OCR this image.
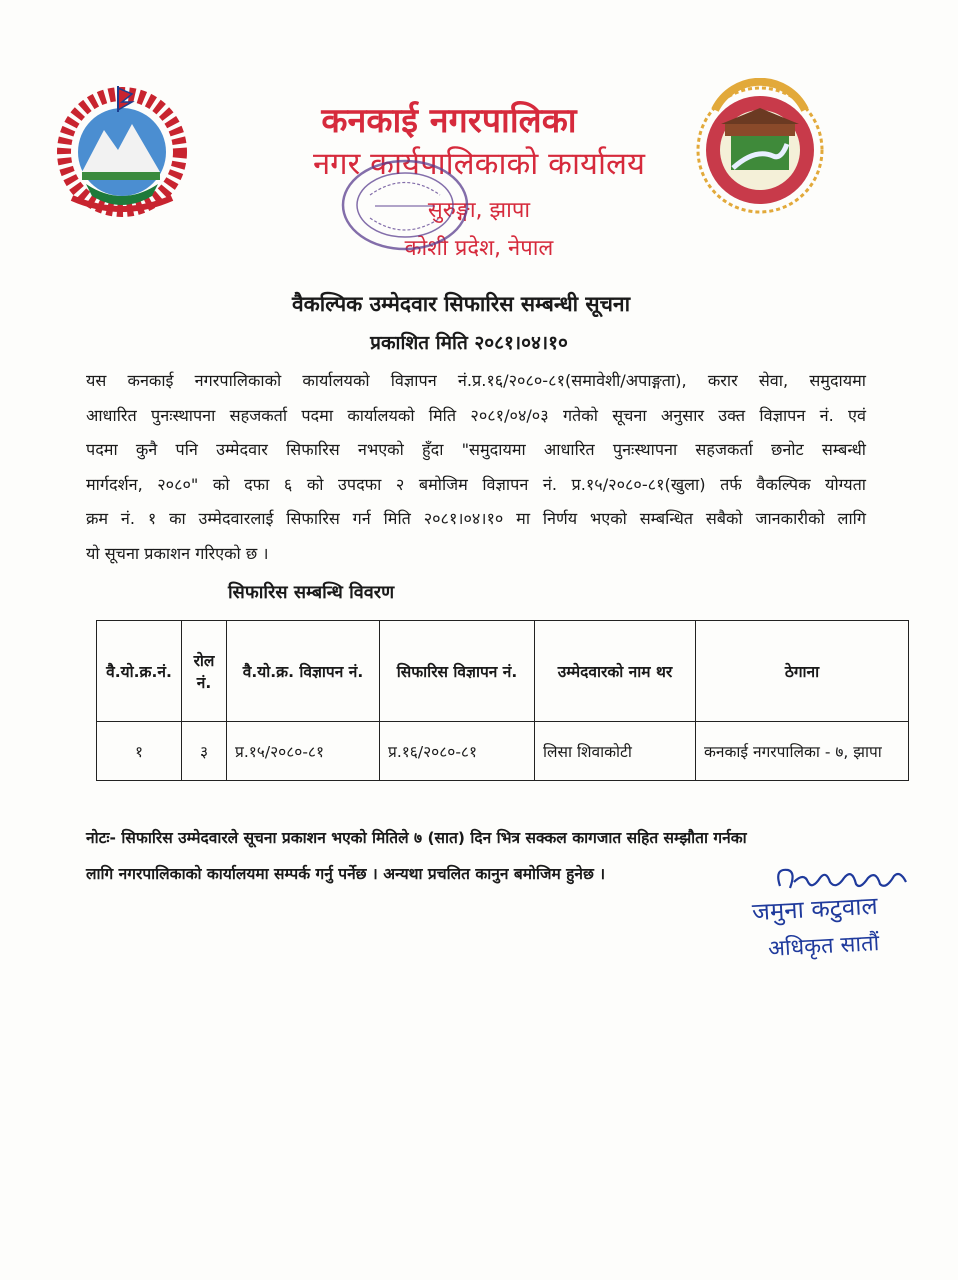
कनकाई नगरपालिका
नगर कार्यपालिकाको कार्यालय
सुरुङ्गा, झापा
कोशी प्रदेश, नेपाल
वैकल्पिक उम्मेदवार सिफारिस सम्बन्धी सूचना
प्रकाशित मिति २०८१।०४।१०
यस कनकाई नगरपालिकाको कार्यालयको विज्ञापन नं.प्र.१६/२०८०-८१(समावेशी/अपाङ्गता), करार सेवा, समुदायमा
आधारित पुनःस्थापना सहजकर्ता पदमा कार्यालयको मिति २०८१/०४/०३ गतेको सूचना अनुसार उक्त विज्ञापन नं. एवं
पदमा कुनै पनि उम्मेदवार सिफारिस नभएको हुँदा "समुदायमा आधारित पुनःस्थापना सहजकर्ता छनोट सम्बन्धी
मार्गदर्शन, २०८०" को दफा ६ को उपदफा २ बमोजिम विज्ञापन नं. प्र.१५/२०८०-८१(खुला) तर्फ वैकल्पिक योग्यता
क्रम नं. १ का उम्मेदवारलाई सिफारिस गर्न मिति २०८१।०४।१० मा निर्णय भएको सम्बन्धित सबैको जानकारीको लागि
यो सूचना प्रकाशन गरिएको छ ।
सिफारिस सम्बन्धि विवरण
वै.यो.क्र.नं.	रोल नं.	वै.यो.क्र. विज्ञापन नं.	सिफारिस विज्ञापन नं.	उम्मेदवारको नाम थर	ठेगाना
१	३	प्र.१५/२०८०-८१	प्र.१६/२०८०-८१	लिसा शिवाकोटी	कनकाई नगरपालिका - ७, झापा
नोटः- सिफारिस उम्मेदवारले सूचना प्रकाशन भएको मितिले ७ (सात) दिन भित्र सक्कल कागजात सहित सम्झौता गर्नका
लागि नगरपालिकाको कार्यालयमा सम्पर्क गर्नु पर्नेछ । अन्यथा प्रचलित कानुन बमोजिम हुनेछ ।
जमुना कटुवाल
अधिकृत सातौं
